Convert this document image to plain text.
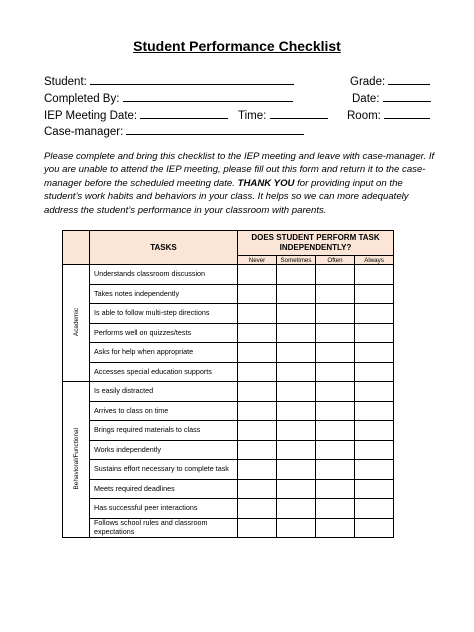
Student Performance Checklist
Student:	Grade:
Completed By:	Date:
IEP Meeting Date:	Time:	Room:
Case-manager:
Please complete and bring this checklist to the IEP meeting and leave with case-manager. If you are unable to attend the IEP meeting, please fill out this form and return it to the case-manager before the scheduled meeting date. THANK YOU for providing input on the student’s work habits and behaviors in your class. It helps so we can more adequately address the student’s performance in your classroom with parents.
	TASKS	DOES STUDENT PERFORM TASK INDEPENDENTLY?			
		Never	Sometimes	Often	Always
Academic	Understands classroom discussion				
	Takes notes independently				
	Is able to follow multi-step directions				
	Performs well on quizzes/tests				
	Asks for help when appropriate				
	Accesses special education supports				
Behavioral/Functional	Is easily distracted				
	Arrives to class on time				
	Brings required materials to class				
	Works independently				
	Sustains effort necessary to complete task				
	Meets required deadlines				
	Has successful peer interactions				
	Follows school rules and classroom expectations				
